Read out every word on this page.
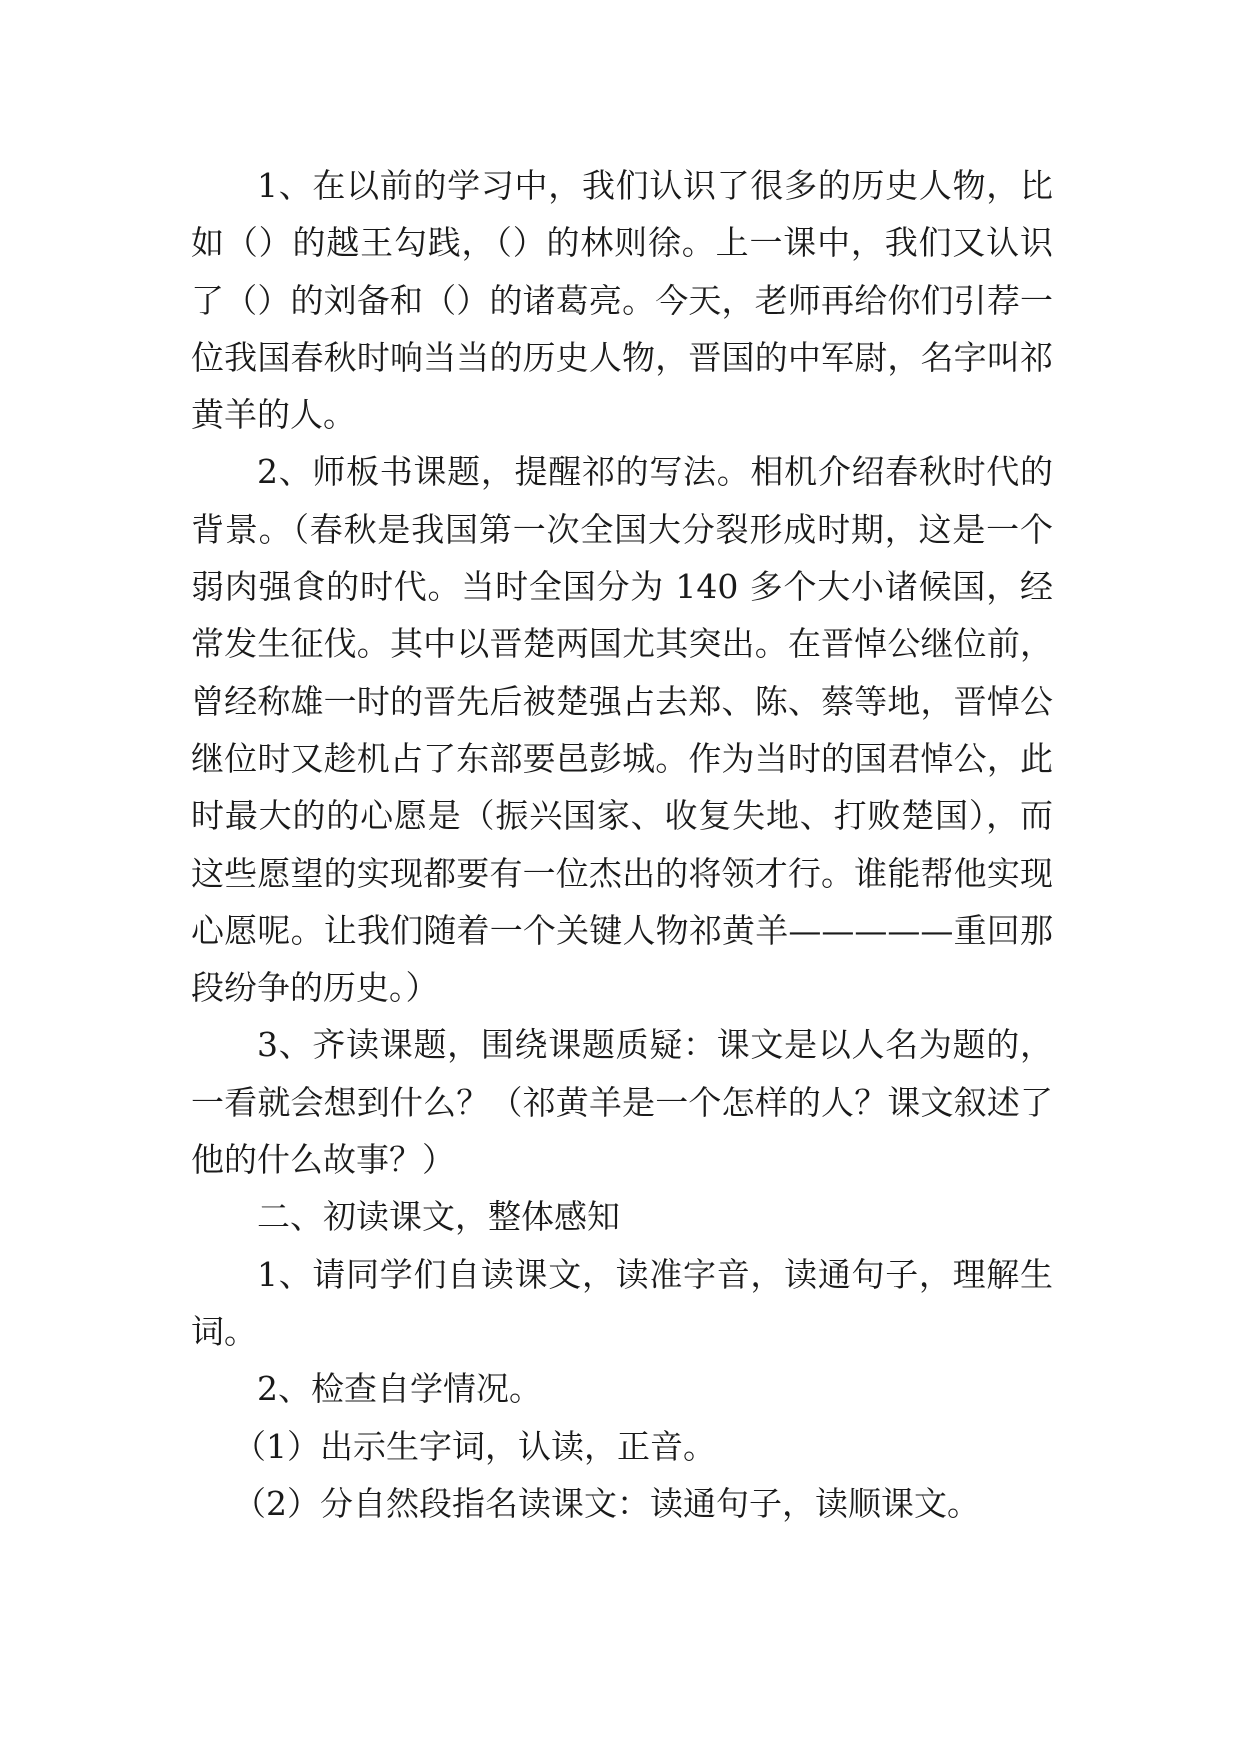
1、在以前的学习中，我们认识了很多的历史人物，比如（）的越王勾践，（）的林则徐。上一课中，我们又认识了（）的刘备和（）的诸葛亮。今天，老师再给你们引荐一位我国春秋时响当当的历史人物，晋国的中军尉，名字叫祁黄羊的人。

2、师板书课题，提醒祁的写法。相机介绍春秋时代的背景。（春秋是我国第一次全国大分裂形成时期，这是一个弱肉强食的时代。当时全国分为 140 多个大小诸候国，经常发生征伐。其中以晋楚两国尤其突出。在晋悼公继位前，曾经称雄一时的晋先后被楚强占去郑、陈、蔡等地，晋悼公继位时又趁机占了东部要邑彭城。作为当时的国君悼公，此时最大的的心愿是（振兴国家、收复失地、打败楚国），而这些愿望的实现都要有一位杰出的将领才行。谁能帮他实现心愿呢。让我们随着一个关键人物祁黄羊—————重回那段纷争的历史。）

3、齐读课题，围绕课题质疑：课文是以人名为题的，一看就会想到什么？（祁黄羊是一个怎样的人？课文叙述了他的什么故事？）

二、初读课文，整体感知

1、请同学们自读课文，读准字音，读通句子，理解生词。

2、检查自学情况。

（1）出示生字词，认读，正音。

（2）分自然段指名读课文：读通句子，读顺课文。
